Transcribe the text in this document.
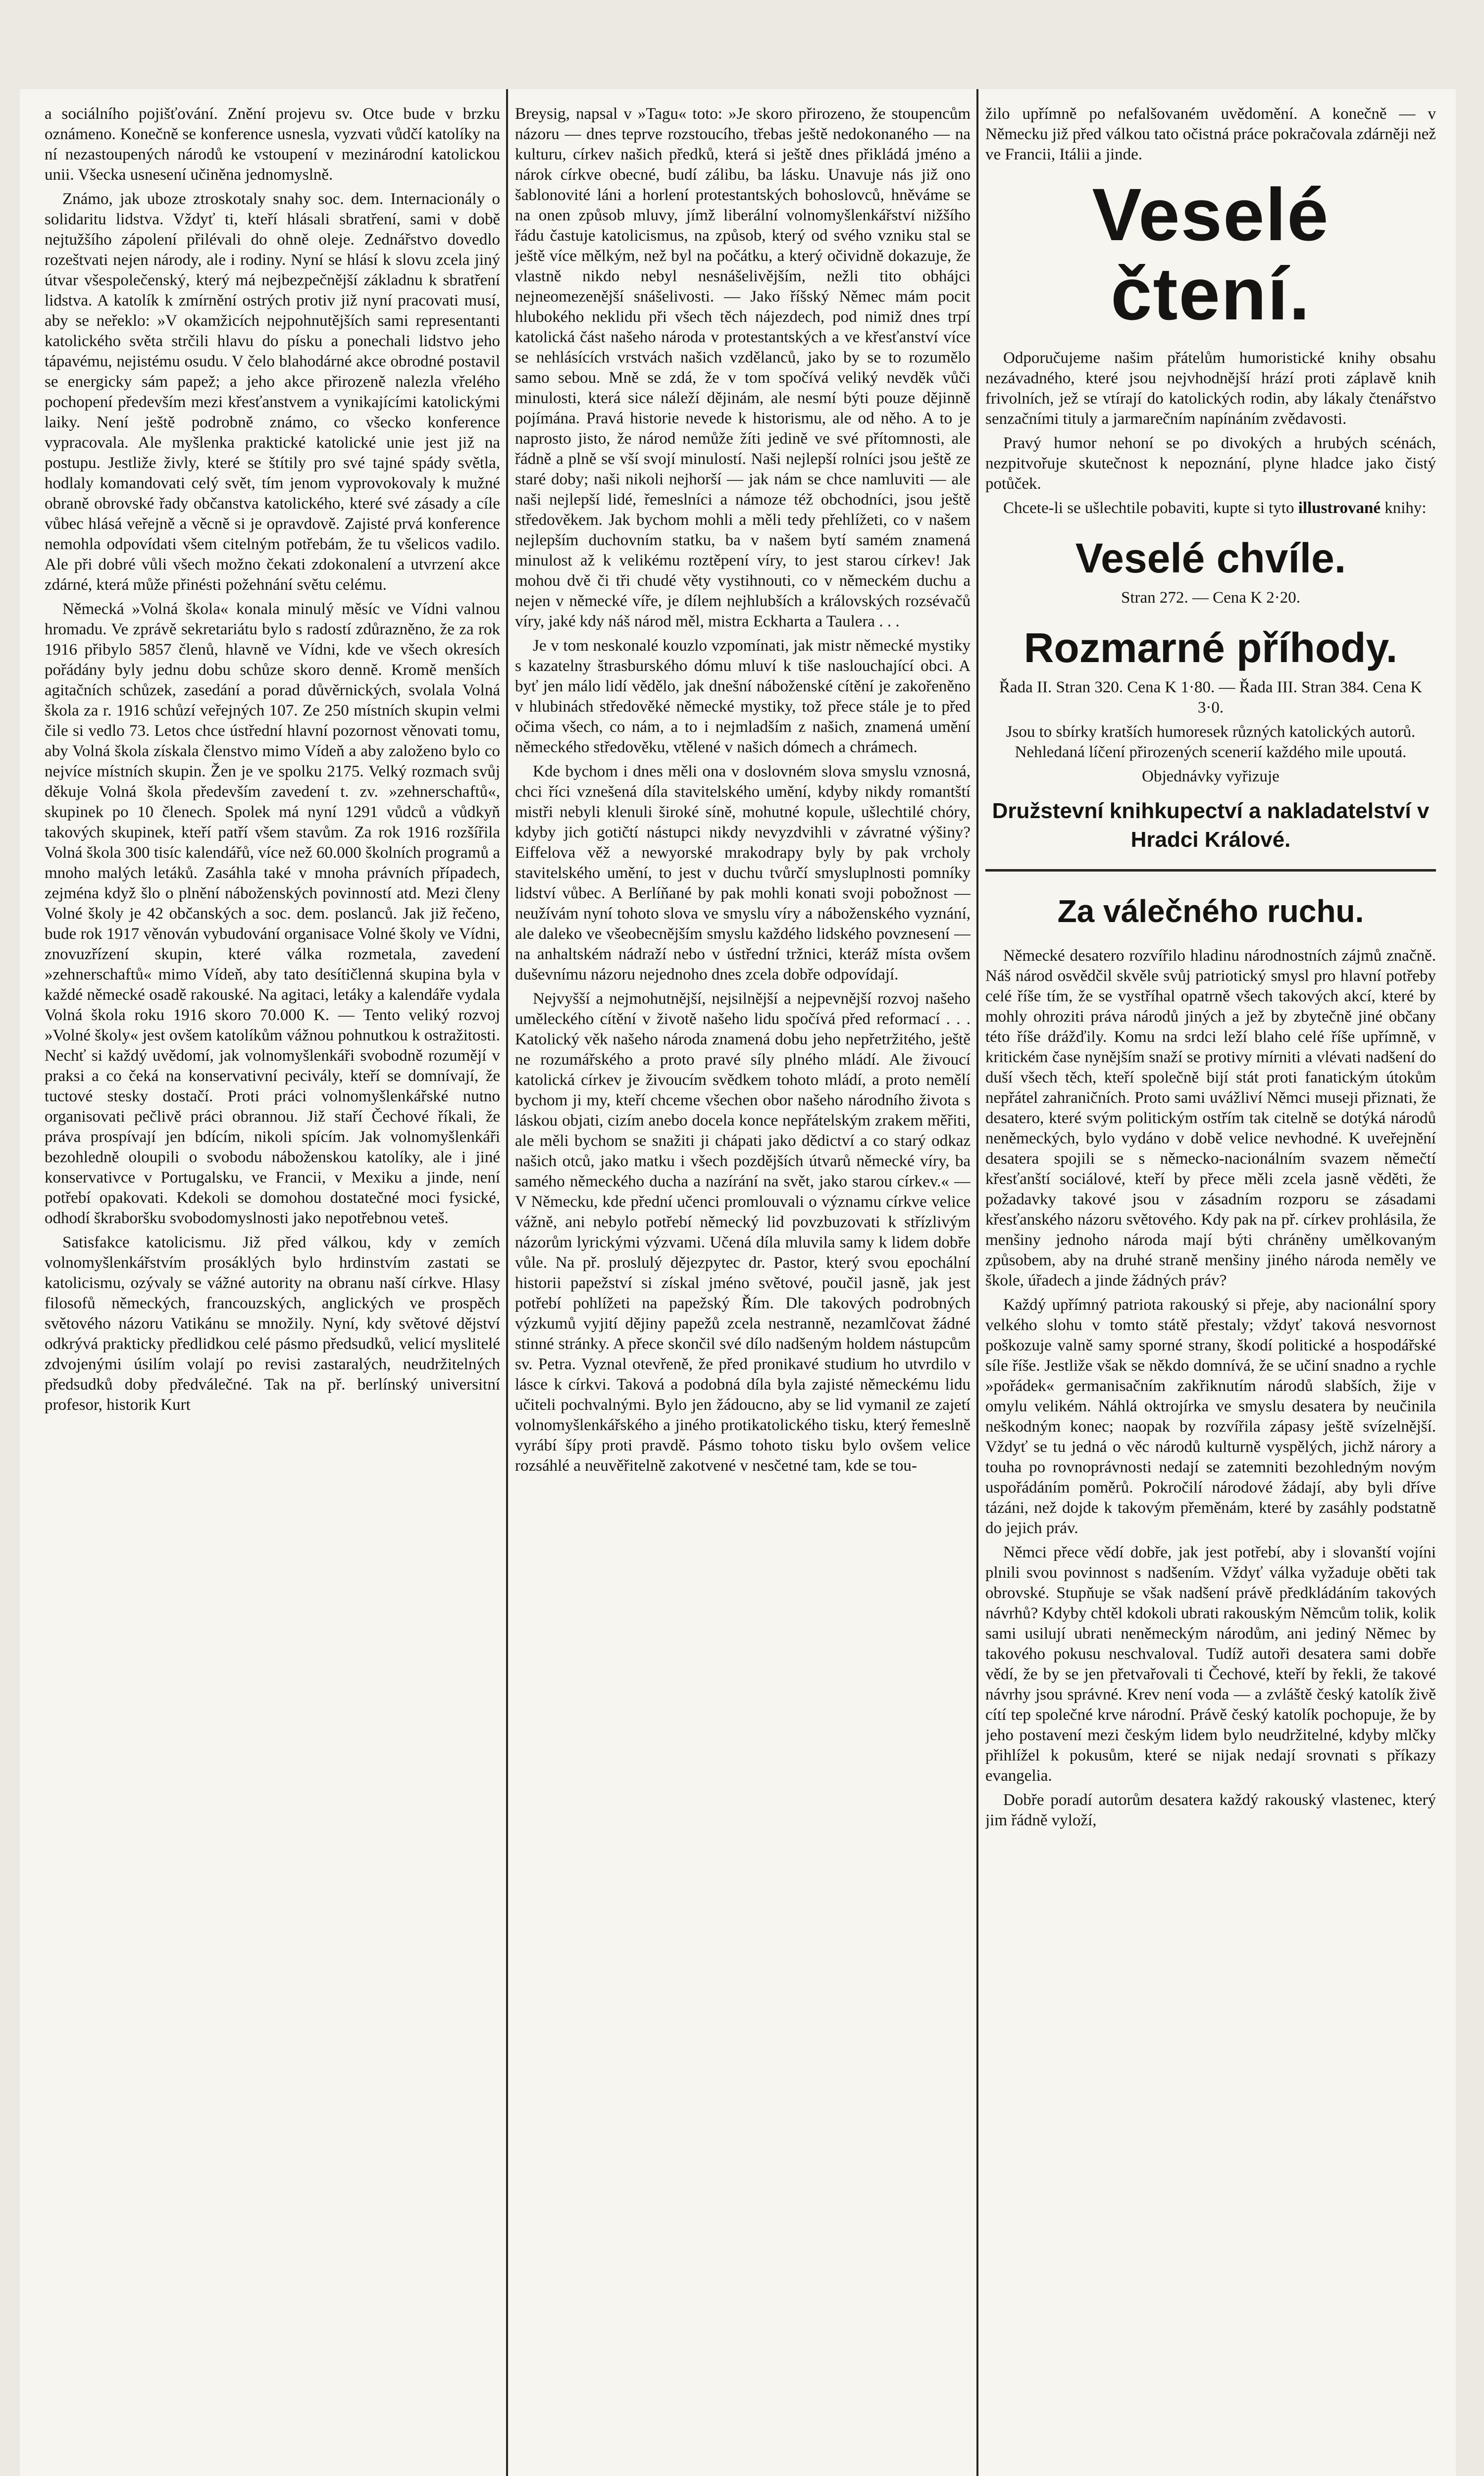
a sociálního pojišťování. Znění projevu sv. Otce bude v brzku oznámeno. Konečně se konference usnesla, vyzvati vůdčí katolíky na ní nezastoupených národů ke vstoupení v mezinárodní katolickou unii. Všecka usnesení učiněna jednomyslně.

Známo, jak uboze ztroskotaly snahy soc. dem. Internacionály o solidaritu lidstva. Vždyť ti, kteří hlásali sbratření, sami v době nejtužšího zápolení přilévali do ohně oleje. Zednářstvo dovedlo rozeštvati nejen národy, ale i rodiny. Nyní se hlásí k slovu zcela jiný útvar všespolečenský, který má nejbezpečnější základnu k sbratření lidstva. A katolík k zmírnění ostrých protiv již nyní pracovati musí, aby se neřeklo: »V okamžicích nejpohnutějších sami representanti katolického světa strčili hlavu do písku a ponechali lidstvo jeho tápavému, nejistému osudu. V čelo blahodárné akce obrodné postavil se energicky sám papež; a jeho akce přirozeně nalezla vřelého pochopení především mezi křesťanstvem a vynikajícími katolickými laiky. Není ještě podrobně známo, co všecko konference vypracovala. Ale myšlenka praktické katolické unie jest již na postupu. Jestliže živly, které se štítily pro své tajné spády světla, hodlaly komandovati celý svět, tím jenom vyprovokovaly k mužné obraně obrovské řady občanstva katolického, které své zásady a cíle vůbec hlásá veřejně a věcně si je opravdově. Zajisté prvá konference nemohla odpovídati všem citelným potřebám, že tu všelicos vadilo. Ale při dobré vůli všech možno čekati zdokonalení a utvrzení akce zdárné, která může přinésti požehnání světu celému.

Německá »Volná škola« konala minulý měsíc ve Vídni valnou hromadu. Ve zprávě sekretariátu bylo s radostí zdůrazněno, že za rok 1916 přibylo 5857 členů, hlavně ve Vídni, kde ve všech okresích pořádány byly jednu dobu schůze skoro denně. Kromě menších agitačních schůzek, zasedání a porad důvěrnických, svolala Volná škola za r. 1916 schůzí veřejných 107. Ze 250 místních skupin velmi čile si vedlo 73. Letos chce ústřední hlavní pozornost věnovati tomu, aby Volná škola získala členstvo mimo Vídeň a aby založeno bylo co nejvíce místních skupin. Žen je ve spolku 2175. Velký rozmach svůj děkuje Volná škola především zavedení t. zv. »zehnerschaftů«, skupinek po 10 členech. Spolek má nyní 1291 vůdců a vůdkyň takových skupinek, kteří patří všem stavům. Za rok 1916 rozšířila Volná škola 300 tisíc kalendářů, více než 60.000 školních programů a mnoho malých letáků. Zasáhla také v mnoha právních případech, zejména když šlo o plnění náboženských povinností atd. Mezi členy Volné školy je 42 občanských a soc. dem. poslanců. Jak již řečeno, bude rok 1917 věnován vybudování organisace Volné školy ve Vídni, znovuzřízení skupin, které válka rozmetala, zavedení »zehnerschaftů« mimo Vídeň, aby tato desítičlenná skupina byla v každé německé osadě rakouské. Na agitaci, letáky a kalendáře vydala Volná škola roku 1916 skoro 70.000 K. — Tento veliký rozvoj »Volné školy« jest ovšem katolíkům vážnou pohnutkou k ostražitosti. Nechť si každý uvědomí, jak volnomyšlenkáři svobodně rozumějí v praksi a co čeká na konservativní pecivály, kteří se domnívají, že tuctové stesky dostačí. Proti práci volnomyšlenkářské nutno organisovati pečlivě práci obrannou. Již staří Čechové říkali, že práva prospívají jen bdícím, nikoli spícím. Jak volnomyšlenkáři bezohledně oloupili o svobodu náboženskou katolíky, ale i jiné konservativce v Portugalsku, ve Francii, v Mexiku a jinde, není potřebí opakovati. Kdekoli se domohou dostatečné moci fysické, odhodí škraboršku svobodomyslnosti jako nepotřebnou veteš.

Satisfakce katolicismu. Již před válkou, kdy v zemích volnomyšlenkářstvím prosáklých bylo hrdinstvím zastati se katolicismu, ozývaly se vážné autority na obranu naší církve. Hlasy filosofů německých, francouzských, anglických ve prospěch světového názoru Vatikánu se množily. Nyní, kdy světové dějství odkrývá prakticky předlidkou celé pásmo předsudků, velicí myslitelé zdvojenými úsilím volají po revisi zastaralých, neudržitelných předsudků doby předválečné. Tak na př. berlínský universitní profesor, historik Kurt

Breysig, napsal v »Tagu« toto: »Je skoro přirozeno, že stoupencům názoru — dnes teprve rozstoucího, třebas ještě nedokonaného — na kulturu, církev našich předků, která si ještě dnes přikládá jméno a nárok církve obecné, budí zálibu, ba lásku. Unavuje nás již ono šablonovité láni a horlení protestantských bohoslovců, hněváme se na onen způsob mluvy, jímž liberální volnomyšlenkářství nižšího řádu častuje katolicismus, na způsob, který od svého vzniku stal se ještě více mělkým, než byl na počátku, a který očividně dokazuje, že vlastně nikdo nebyl nesnášelivějším, nežli tito obhájci nejneomezenější snášelivosti. — Jako říšský Němec mám pocit hlubokého neklidu při všech těch nájezdech, pod nimiž dnes trpí katolická část našeho národa v protestantských a ve křesťanství více se nehlásících vrstvách našich vzdělanců, jako by se to rozumělo samo sebou. Mně se zdá, že v tom spočívá veliký nevděk vůči minulosti, která sice náleží dějinám, ale nesmí býti pouze dějinně pojímána. Pravá historie nevede k historismu, ale od něho. A to je naprosto jisto, že národ nemůže žíti jedině ve své přítomnosti, ale řádně a plně se vší svojí minulostí. Naši nejlepší rolníci jsou ještě ze staré doby; naši nikoli nejhorší — jak nám se chce namluviti — ale naši nejlepší lidé, řemeslníci a námoze též obchodníci, jsou ještě středověkem. Jak bychom mohli a měli tedy přehlížeti, co v našem nejlepším duchovním statku, ba v našem bytí samém znamená minulost až k velikému roztěpení víry, to jest starou církev! Jak mohou dvě či tři chudé věty vystihnouti, co v německém duchu a nejen v německé víře, je dílem nejhlubších a královských rozsévačů víry, jaké kdy náš národ měl, mistra Eckharta a Taulera . . .

Je v tom neskonalé kouzlo vzpomínati, jak mistr německé mystiky s kazatelny štrasburského dómu mluví k tiše naslouchající obci. A byť jen málo lidí vědělo, jak dnešní náboženské cítění je zakořeněno v hlubinách středověké německé mystiky, tož přece stále je to před očima všech, co nám, a to i nejmladším z našich, znamená umění německého středověku, vtělené v našich dómech a chrámech.

Kde bychom i dnes měli ona v doslovném slova smyslu vznosná, chci říci vznešená díla stavitelského umění, kdyby nikdy romantští mistři nebyli klenuli široké síně, mohutné kopule, ušlechtilé chóry, kdyby jich gotičtí nástupci nikdy nevyzdvihli v závratné výšiny? Eiffelova věž a newyorské mrakodrapy byly by pak vrcholy stavitelského umění, to jest v duchu tvůrčí smysluplnosti pomníky lidství vůbec. A Berlíňané by pak mohli konati svoji pobožnost — neužívám nyní tohoto slova ve smyslu víry a náboženského vyznání, ale daleko ve všeobecnějším smyslu každého lidského povznesení — na anhaltském nádraží nebo v ústřední tržnici, kteráž místa ovšem duševnímu názoru nejednoho dnes zcela dobře odpovídají.

Nejvyšší a nejmohutnější, nejsilnější a nejpevnější rozvoj našeho uměleckého cítění v životě našeho lidu spočívá před reformací . . . Katolický věk našeho národa znamená dobu jeho nepřetržitého, ještě ne rozumářského a proto pravé síly plného mládí. Ale živoucí katolická církev je živoucím svědkem tohoto mládí, a proto nemělí bychom ji my, kteří chceme všechen obor našeho národního života s láskou objati, cizím anebo docela konce nepřátelským zrakem měřiti, ale měli bychom se snažiti ji chápati jako dědictví a co starý odkaz našich otců, jako matku i všech pozdějších útvarů německé víry, ba samého německého ducha a nazírání na svět, jako starou církev.« — V Německu, kde přední učenci promlouvali o významu církve velice vážně, ani nebylo potřebí německý lid povzbuzovati k střízlivým názorům lyrickými výzvami. Učená díla mluvila samy k lidem dobře vůle. Na př. proslulý dějezpytec dr. Pastor, který svou epochální historii papežství si získal jméno světové, poučil jasně, jak jest potřebí pohlížeti na papežský Řím. Dle takových podrobných výzkumů vyjití dějiny papežů zcela nestranně, nezamlčovat žádné stinné stránky. A přece skončil své dílo nadšeným holdem nástupcům sv. Petra. Vyznal otevřeně, že před pronikavé studium ho utvrdilo v lásce k církvi. Taková a podobná díla byla zajisté německému lidu učiteli pochvalnými. Bylo jen žádoucno, aby se lid vymanil ze zajetí volnomyšlenkářského a jiného protikatolického tisku, který řemeslně vyrábí šípy proti pravdě. Pásmo tohoto tisku bylo ovšem velice rozsáhlé a neuvěřitelně zakotvené v nesčetné tam, kde se tou-

žilo upřímně po nefalšovaném uvědomění. A konečně — v Německu již před válkou tato očistná práce pokračovala zdárněji než ve Francii, Itálii a jinde.

Veselé čtení.

Odporučujeme našim přátelům humoristické knihy obsahu nezávadného, které jsou nejvhodnější hrází proti záplavě knih frivolních, jež se vtírají do katolických rodin, aby lákaly čtenářstvo senzačními tituly a jarmarečním napínáním zvědavosti.

Pravý humor nehoní se po divokých a hrubých scénách, nezpitvořuje skutečnost k nepoznání, plyne hladce jako čistý potůček.

Chcete-li se ušlechtile pobaviti, kupte si tyto illustrované knihy:

Veselé chvíle.

Stran 272. — Cena K 2·20.

Rozmarné příhody.

Řada II. Stran 320. Cena K 1·80. — Řada III. Stran 384. Cena K 3·0.

Jsou to sbírky kratších humoresek různých katolických autorů. Nehledaná líčení přirozených scenerií každého mile upoutá.

Objednávky vyřizuje

Družstevní knihkupectví a nakladatelství v Hradci Králové.
Za válečného ruchu.

Německé desatero rozvířilo hladinu národnostních zájmů značně. Náš národ osvědčil skvěle svůj patriotický smysl pro hlavní potřeby celé říše tím, že se vystříhal opatrně všech takových akcí, které by mohly ohroziti práva národů jiných a jež by zbytečně jiné občany této říše drážďily. Komu na srdci leží blaho celé říše upřímně, v kritickém čase nynějším snaží se protivy mírniti a vlévati nadšení do duší všech těch, kteří společně bijí stát proti fanatickým útokům nepřátel zahraničních. Proto sami uvážliví Němci museji přiznati, že desatero, které svým politickým ostřím tak citelně se dotýká národů neněmeckých, bylo vydáno v době velice nevhodné. K uveřejnění desatera spojili se s německo-nacionálním svazem němečtí křesťanští sociálové, kteří by přece měli zcela jasně věděti, že požadavky takové jsou v zásadním rozporu se zásadami křesťanského názoru světového. Kdy pak na př. církev prohlásila, že menšiny jednoho národa mají býti chráněny umělkovaným způsobem, aby na druhé straně menšiny jiného národa neměly ve škole, úřadech a jinde žádných práv?

Každý upřímný patriota rakouský si přeje, aby nacionální spory velkého slohu v tomto státě přestaly; vždyť taková nesvornost poškozuje valně samy sporné strany, škodí politické a hospodářské síle říše. Jestliže však se někdo domnívá, že se učiní snadno a rychle »pořádek« germanisačním zakřiknutím národů slabších, žije v omylu velikém. Náhlá oktrojírka ve smyslu desatera by neučinila neškodným konec; naopak by rozvířila zápasy ještě svízelnější. Vždyť se tu jedná o věc národů kulturně vyspělých, jichž nárory a touha po rovnoprávnosti nedají se zatemniti bezohledným novým uspořádáním poměrů. Pokročilí národové žádají, aby byli dříve tázáni, než dojde k takovým přeměnám, které by zasáhly podstatně do jejich práv.

Němci přece vědí dobře, jak jest potřebí, aby i slovanští vojíni plnili svou povinnost s nadšením. Vždyť válka vyžaduje oběti tak obrovské. Stupňuje se však nadšení právě předkládáním takových návrhů? Kdyby chtěl kdokoli ubrati rakouským Němcům tolik, kolik sami usilují ubrati neněmeckým národům, ani jediný Němec by takového pokusu neschvaloval. Tudíž autoři desatera sami dobře vědí, že by se jen přetvařovali ti Čechové, kteří by řekli, že takové návrhy jsou správné. Krev není voda — a zvláště český katolík živě cítí tep společné krve národní. Právě český katolík pochopuje, že by jeho postavení mezi českým lidem bylo neudržitelné, kdyby mlčky přihlížel k pokusům, které se nijak nedají srovnati s příkazy evangelia.

Dobře poradí autorům desatera každý rakouský vlastenec, který jim řádně vyloží,
